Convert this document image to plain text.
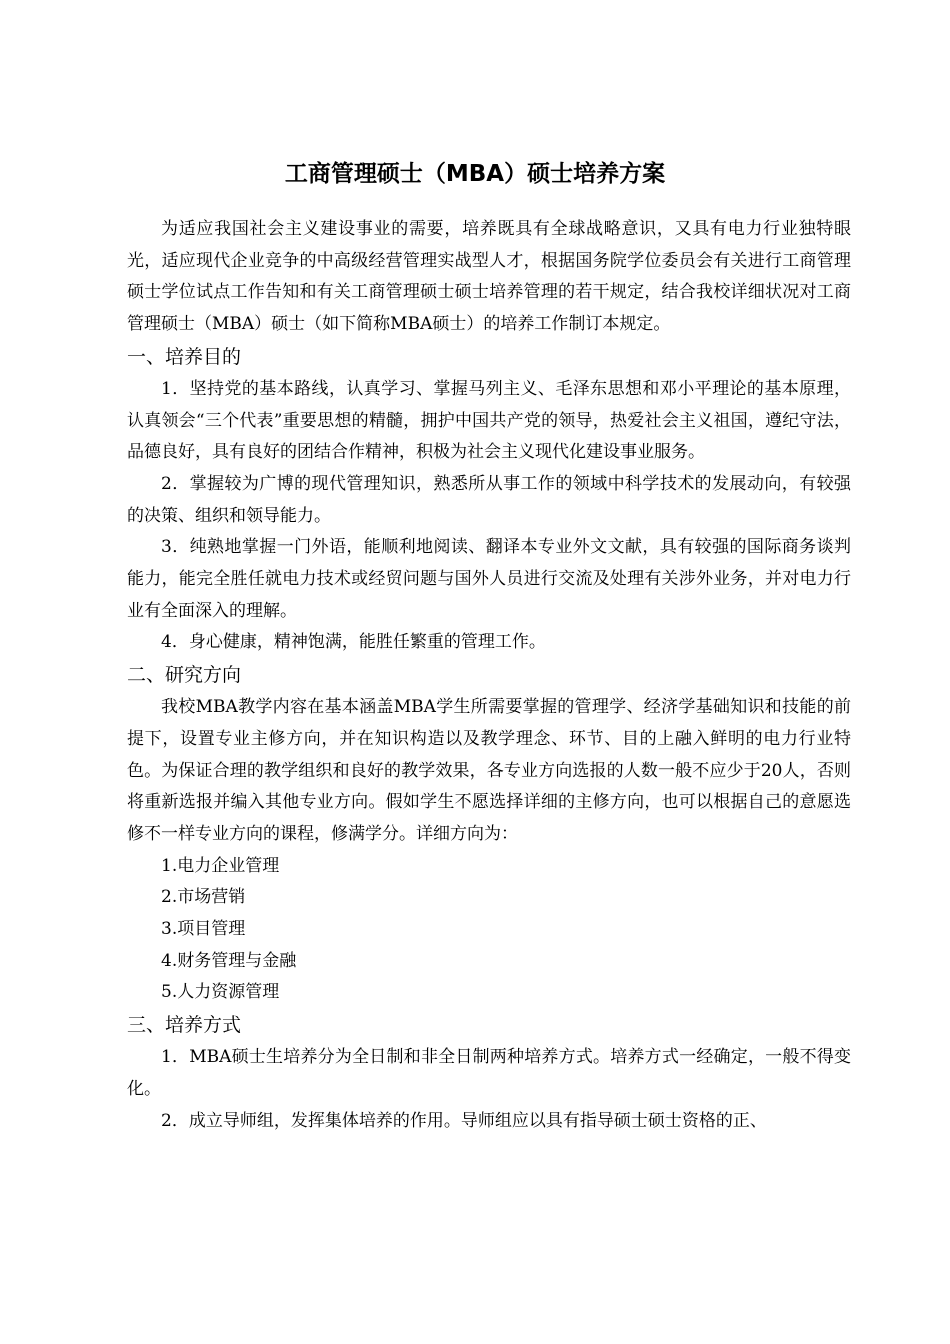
工商管理硕士（MBA）硕士培养方案

为适应我国社会主义建设事业的需要，培养既具有全球战略意识，又具有电力行业独特眼光，适应现代企业竞争的中高级经营管理实战型人才，根据国务院学位委员会有关进行工商管理硕士学位试点工作告知和有关工商管理硕士硕士培养管理的若干规定，结合我校详细状况对工商管理硕士（MBA）硕士（如下简称MBA硕士）的培养工作制订本规定。

一、培养目的

1．坚持党的基本路线，认真学习、掌握马列主义、毛泽东思想和邓小平理论的基本原理，认真领会“三个代表”重要思想的精髓，拥护中国共产党的领导，热爱社会主义祖国，遵纪守法，品德良好，具有良好的团结合作精神，积极为社会主义现代化建设事业服务。

2．掌握较为广博的现代管理知识，熟悉所从事工作的领域中科学技术的发展动向，有较强的决策、组织和领导能力。

3．纯熟地掌握一门外语，能顺利地阅读、翻译本专业外文文献，具有较强的国际商务谈判能力，能完全胜任就电力技术或经贸问题与国外人员进行交流及处理有关涉外业务，并对电力行业有全面深入的理解。

4．身心健康，精神饱满，能胜任繁重的管理工作。

二、研究方向

我校MBA教学内容在基本涵盖MBA学生所需要掌握的管理学、经济学基础知识和技能的前提下，设置专业主修方向，并在知识构造以及教学理念、环节、目的上融入鲜明的电力行业特色。为保证合理的教学组织和良好的教学效果，各专业方向选报的人数一般不应少于20人，否则将重新选报并编入其他专业方向。假如学生不愿选择详细的主修方向，也可以根据自己的意愿选修不一样专业方向的课程，修满学分。详细方向为：

1.电力企业管理

2.市场营销

3.项目管理

4.财务管理与金融

5.人力资源管理

三、培养方式

1．MBA硕士生培养分为全日制和非全日制两种培养方式。培养方式一经确定，一般不得变化。

2．成立导师组，发挥集体培养的作用。导师组应以具有指导硕士硕士资格的正、
